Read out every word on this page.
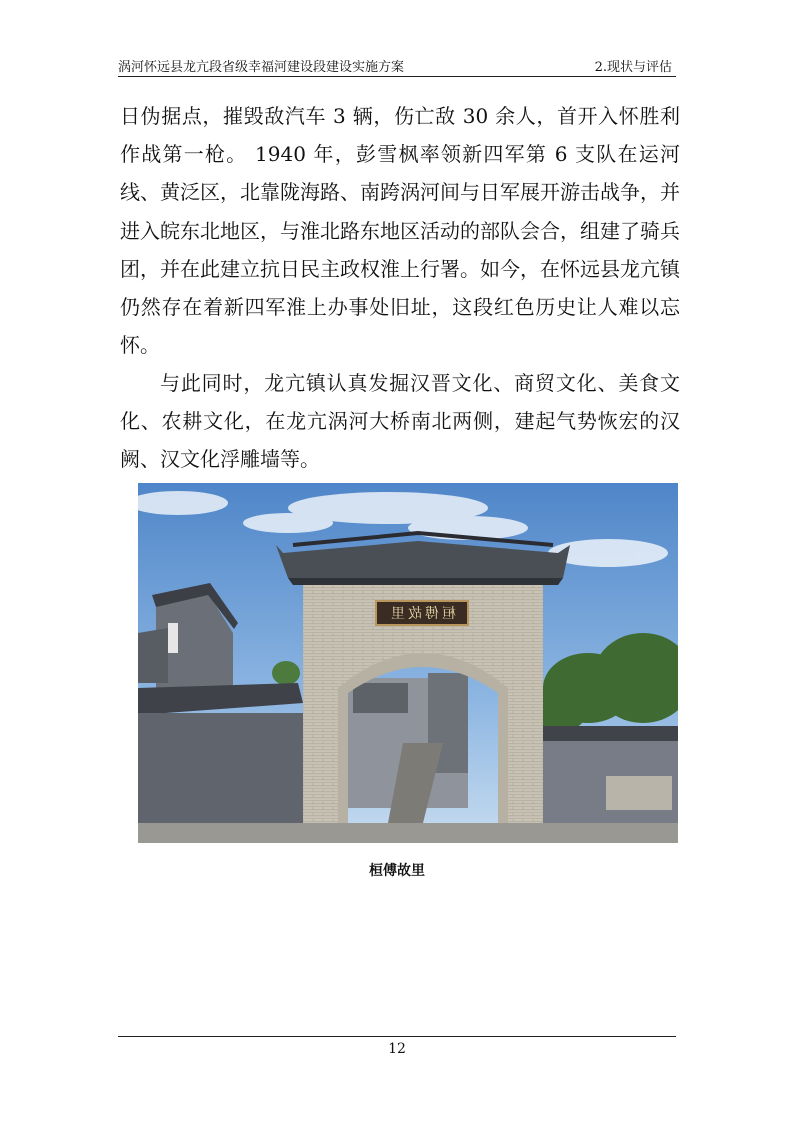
涡河怀远县龙亢段省级幸福河建设段建设实施方案	2.现状与评估

日伪据点，摧毁敌汽车 3 辆，伤亡敌 30 余人，首开入怀胜利作战第一枪。 1940 年，彭雪枫率领新四军第 6 支队在运河线、黄泛区，北靠陇海路、南跨涡河间与日军展开游击战争，并进入皖东北地区，与淮北路东地区活动的部队会合，组建了骑兵团，并在此建立抗日民主政权淮上行署。如今，在怀远县龙亢镇仍然存在着新四军淮上办事处旧址，这段红色历史让人难以忘怀。

与此同时，龙亢镇认真发掘汉晋文化、商贸文化、美食文化、农耕文化，在龙亢涡河大桥南北两侧，建起气势恢宏的汉阙、汉文化浮雕墙等。

桓傅故里
桓傅故里
12
